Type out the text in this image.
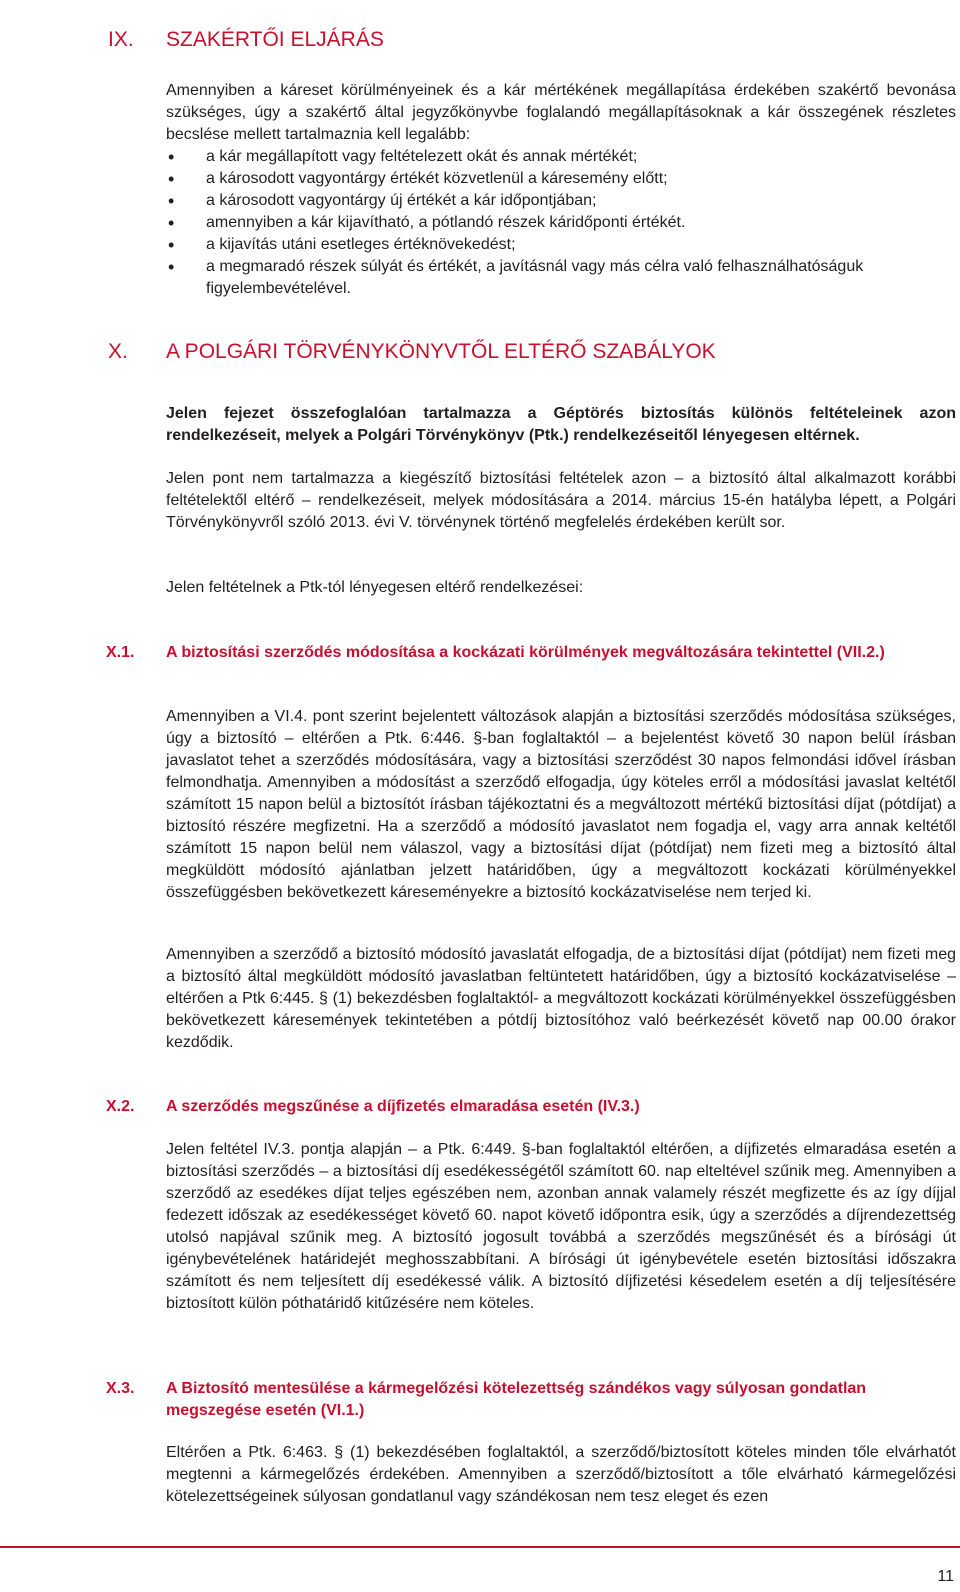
IX. SZAKÉRTŐI ELJÁRÁS
Amennyiben a káreset körülményeinek és a kár mértékének megállapítása érdekében szakértő bevonása szükséges, úgy a szakértő által jegyzőkönyvbe foglalandó megállapításoknak a kár összegének részletes becslése mellett tartalmaznia kell legalább:
• a kár megállapított vagy feltételezett okát és annak mértékét;
• a károsodott vagyontárgy értékét közvetlenül a káresemény előtt;
• a károsodott vagyontárgy új értékét a kár időpontjában;
• amennyiben a kár kijavítható, a pótlandó részek káridőponti értékét.
• a kijavítás utáni esetleges értéknövekedést;
• a megmaradó részek súlyát és értékét, a javításnál vagy más célra való felhasználhatóságuk figyelembevételével.
X. A POLGÁRI TÖRVÉNYKÖNYVTŐL ELTÉRŐ SZABÁLYOK
Jelen fejezet összefoglalóan tartalmazza a Géptörés biztosítás különös feltételeinek azon rendelkezéseit, melyek a Polgári Törvénykönyv (Ptk.) rendelkezéseitől lényegesen eltérnek.
Jelen pont nem tartalmazza a kiegészítő biztosítási feltételek azon – a biztosító által alkalmazott korábbi feltételektől eltérő – rendelkezéseit, melyek módosítására a 2014. március 15-én hatályba lépett, a Polgári Törvénykönyvről szóló 2013. évi V. törvénynek történő megfelelés érdekében került sor.
Jelen feltételnek a Ptk-tól lényegesen eltérő rendelkezései:
X.1. A biztosítási szerződés módosítása a kockázati körülmények megváltozására tekintettel (VII.2.)
Amennyiben a VI.4. pont szerint bejelentett változások alapján a biztosítási szerződés módosítása szükséges, úgy a biztosító – eltérően a Ptk. 6:446. §-ban foglaltaktól – a bejelentést követő 30 napon belül írásban javaslatot tehet a szerződés módosítására, vagy a biztosítási szerződést 30 napos felmondási idővel írásban felmondhatja. Amennyiben a módosítást a szerződő elfogadja, úgy köteles erről a módosítási javaslat keltétől számított 15 napon belül a biztosítót írásban tájékoztatni és a megváltozott mértékű biztosítási díjat (pótdíjat) a biztosító részére megfizetni. Ha a szerződő a módosító javaslatot nem fogadja el, vagy arra annak keltétől számított 15 napon belül nem válaszol, vagy a biztosítási díjat (pótdíjat) nem fizeti meg a biztosító által megküldött módosító ajánlatban jelzett határidőben, úgy a megváltozott kockázati körülményekkel összefüggésben bekövetkezett káreseményekre a biztosító kockázatviselése nem terjed ki.
Amennyiben a szerződő a biztosító módosító javaslatát elfogadja, de a biztosítási díjat (pótdíjat) nem fizeti meg a biztosító által megküldött módosító javaslatban feltüntetett határidőben, úgy a biztosító kockázatviselése – eltérően a Ptk 6:445. § (1) bekezdésben foglaltaktól- a megváltozott kockázati körülményekkel összefüggésben bekövetkezett káresemények tekintetében a pótdíj biztosítóhoz való beérkezését követő nap 00.00 órakor kezdődik.
X.2. A szerződés megszűnése a díjfizetés elmaradása esetén (IV.3.)
Jelen feltétel IV.3. pontja alapján – a Ptk. 6:449. §-ban foglaltaktól eltérően, a díjfizetés elmaradása esetén a biztosítási szerződés – a biztosítási díj esedékességétől számított 60. nap elteltével szűnik meg. Amennyiben a szerződő az esedékes díjat teljes egészében nem, azonban annak valamely részét megfizette és az így díjjal fedezett időszak az esedékességet követő 60. napot követő időpontra esik, úgy a szerződés a díjrendezettség utolsó napjával szűnik meg. A biztosító jogosult továbbá a szerződés megszűnését és a bírósági út igénybevételének határidejét meghosszabbítani. A bírósági út igénybevétele esetén biztosítási időszakra számított és nem teljesített díj esedékessé válik. A biztosító díjfizetési késedelem esetén a díj teljesítésére biztosított külön póthatáridő kitűzésére nem köteles.
X.3. A Biztosító mentesülése a kármegelőzési kötelezettség szándékos vagy súlyosan gondatlan megszegése esetén (VI.1.)
Eltérően a Ptk. 6:463. § (1) bekezdésében foglaltaktól, a szerződő/biztosított köteles minden tőle elvárhatót megtenni a kármegelőzés érdekében. Amennyiben a szerződő/biztosított a tőle elvárható kármegelőzési kötelezettségeinek súlyosan gondatlanul vagy szándékosan nem tesz eleget és ezen
11
